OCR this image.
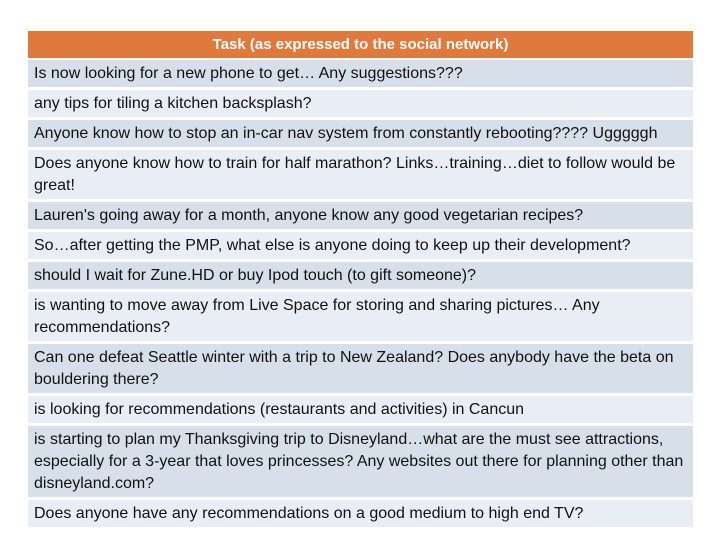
Task (as expressed to the social network)
Is now looking for a new phone to get… Any suggestions???
any tips for tiling a kitchen backsplash?
Anyone know how to stop an in-car nav system from constantly rebooting???? Ugggggh
Does anyone know how to train for half marathon? Links…training…diet to follow would be great!
Lauren's going away for a month, anyone know any good vegetarian recipes?
So…after getting the PMP, what else is anyone doing to keep up their development?
should I wait for Zune.HD or buy Ipod touch (to gift someone)?
is wanting to move away from Live Space for storing and sharing pictures… Any recommendations?
Can one defeat Seattle winter with a trip to New Zealand? Does anybody have the beta on bouldering there?
is looking for recommendations (restaurants and activities) in Cancun
is starting to plan my Thanksgiving trip to Disneyland…what are the must see attractions, especially for a 3-year that loves princesses? Any websites out there for planning other than disneyland.com?
Does anyone have any recommendations on a good medium to high end TV?
